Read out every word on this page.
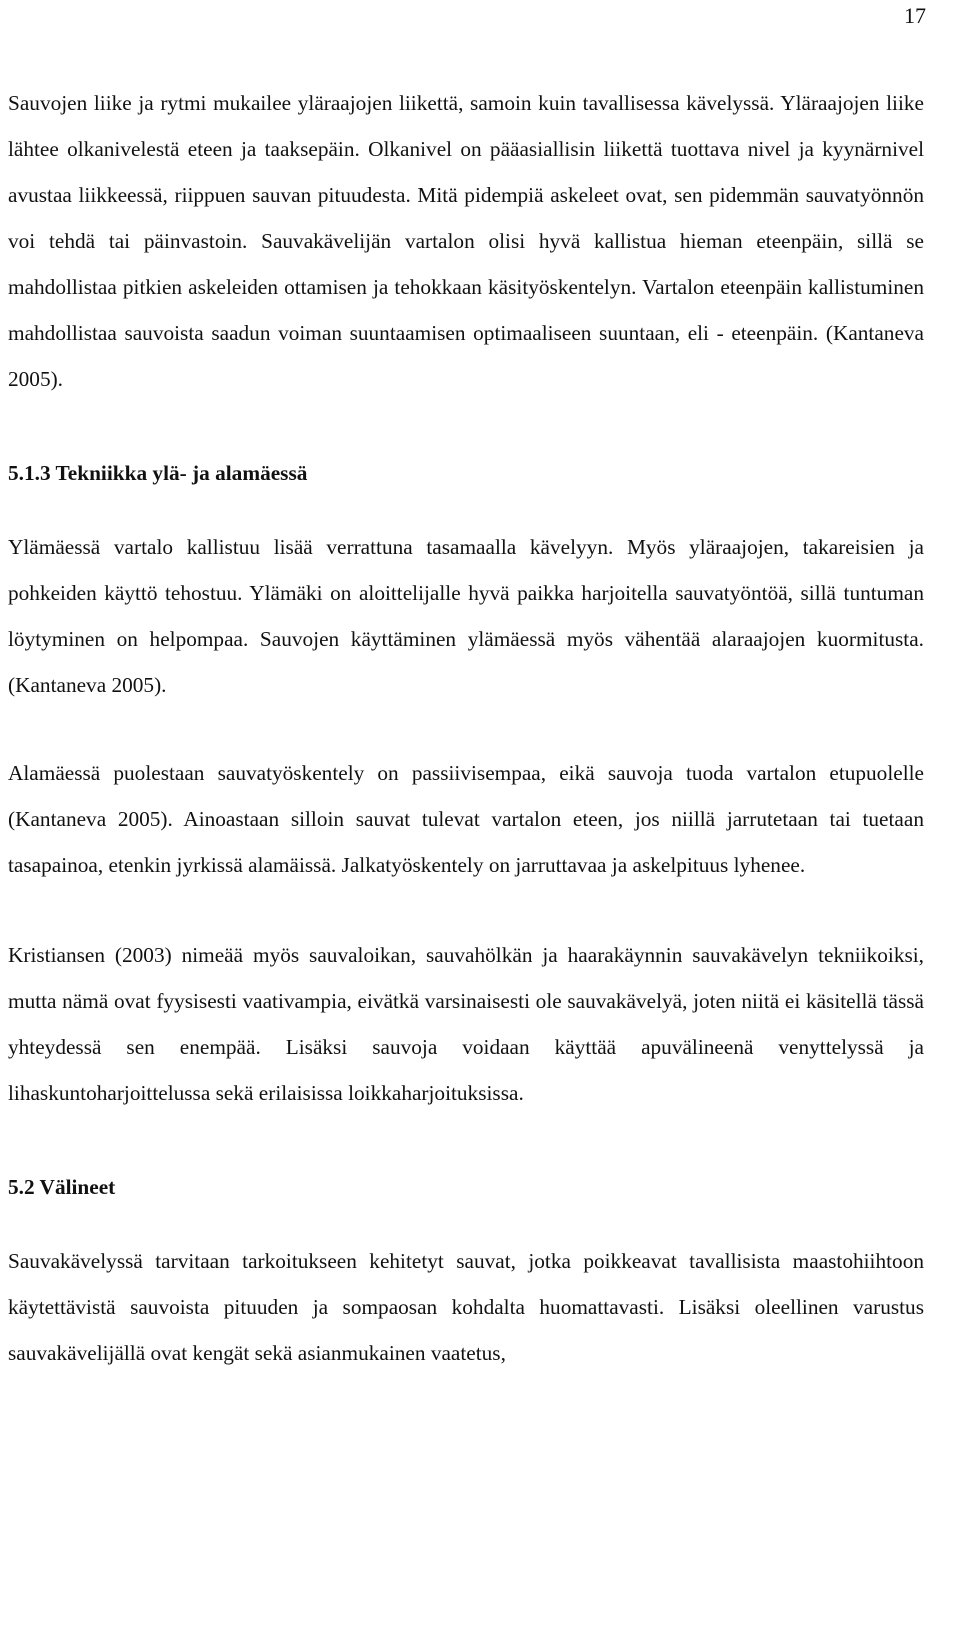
17

Sauvojen liike ja rytmi mukailee yläraajojen liikettä, samoin kuin tavallisessa kävelyssä. Yläraajojen liike lähtee olkanivelestä eteen ja taaksepäin. Olkanivel on pääasiallisin liikettä tuottava nivel ja kyynärnivel avustaa liikkeessä, riippuen sauvan pituudesta. Mitä pidempiä askeleet ovat, sen pidemmän sauvatyönnön voi tehdä tai päinvastoin. Sauvakävelijän vartalon olisi hyvä kallistua hieman eteenpäin, sillä se mahdollistaa pitkien askeleiden ottamisen ja tehokkaan käsityöskentelyn. Vartalon eteenpäin kallistuminen mahdollistaa sauvoista saadun voiman suuntaamisen optimaaliseen suuntaan, eli - eteenpäin. (Kantaneva 2005).

5.1.3 Tekniikka ylä- ja alamäessä

Ylämäessä vartalo kallistuu lisää verrattuna tasamaalla kävelyyn. Myös yläraajojen, takareisien ja pohkeiden käyttö tehostuu. Ylämäki on aloittelijalle hyvä paikka harjoitella sauvatyöntöä, sillä tuntuman löytyminen on helpompaa. Sauvojen käyttäminen ylämäessä myös vähentää alaraajojen kuormitusta. (Kantaneva 2005).

Alamäessä puolestaan sauvatyöskentely on passiivisempaa, eikä sauvoja tuoda vartalon etupuolelle (Kantaneva 2005). Ainoastaan silloin sauvat tulevat vartalon eteen, jos niillä jarrutetaan tai tuetaan tasapainoa, etenkin jyrkissä alamäissä. Jalkatyöskentely on jarruttavaa ja askelpituus lyhenee.

Kristiansen (2003) nimeää myös sauvaloikan, sauvahölkän ja haarakäynnin sauvakävelyn tekniikoiksi, mutta nämä ovat fyysisesti vaativampia, eivätkä varsinaisesti ole sauvakävelyä, joten niitä ei käsitellä tässä yhteydessä sen enempää. Lisäksi sauvoja voidaan käyttää apuvälineenä venyttelyssä ja lihaskuntoharjoittelussa sekä erilaisissa loikkaharjoituksissa.

5.2 Välineet

Sauvakävelyssä tarvitaan tarkoitukseen kehitetyt sauvat, jotka poikkeavat tavallisista maastohiihtoon käytettävistä sauvoista pituuden ja sompaosan kohdalta huomattavasti. Lisäksi oleellinen varustus sauvakävelijällä ovat kengät sekä asianmukainen vaatetus,
